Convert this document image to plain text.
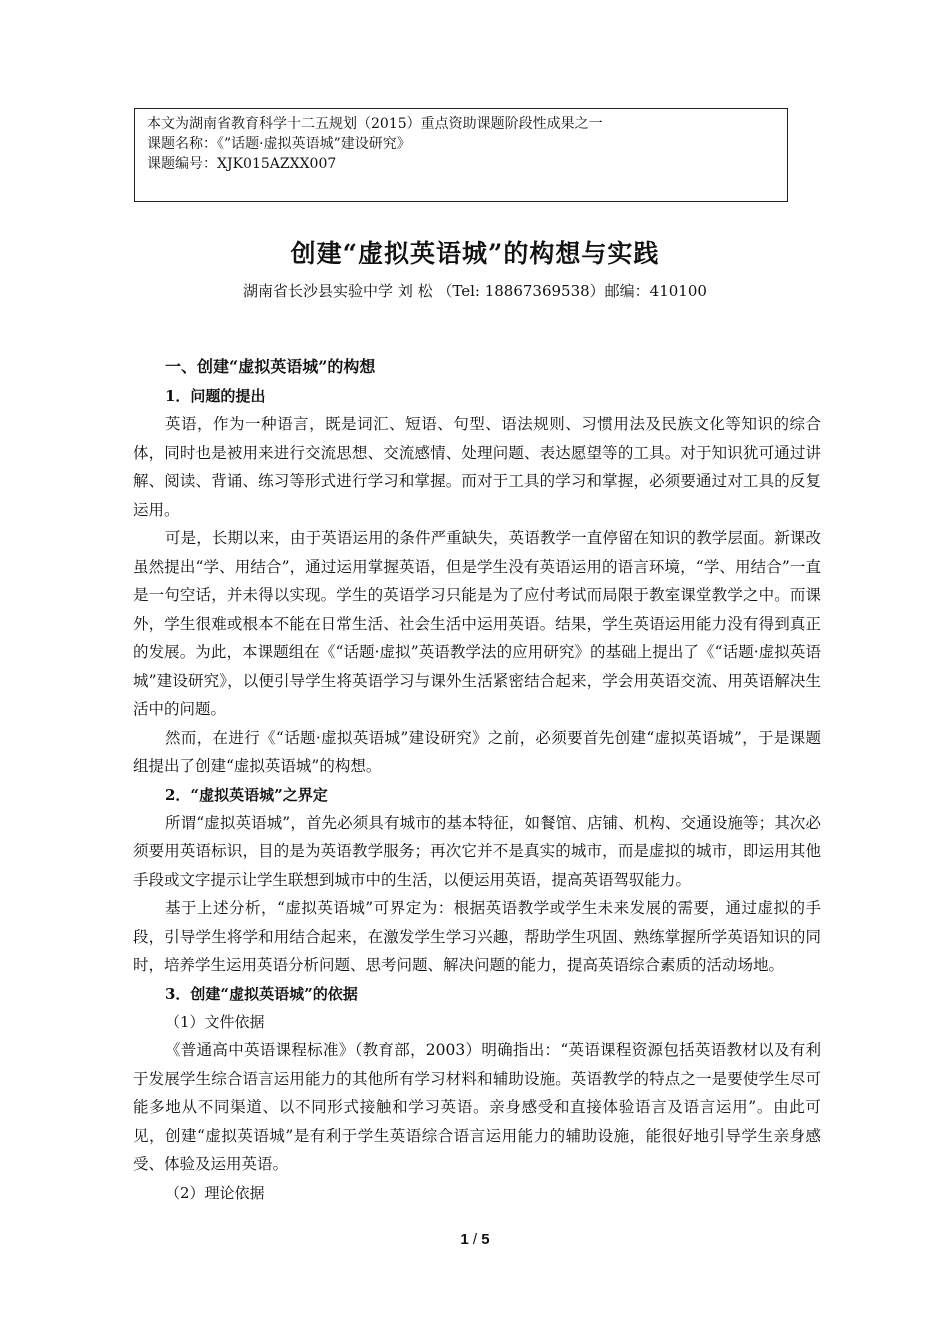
本文为湖南省教育科学十二五规划（2015）重点资助课题阶段性成果之一
课题名称：《”话题·虚拟英语城”建设研究》
课题编号：XJK015AZXX007
创建“虚拟英语城”的构想与实践
湖南省长沙县实验中学 刘 松 （Tel: 18867369538）邮编：410100
一、创建“虚拟英语城”的构想
1．问题的提出

英语，作为一种语言，既是词汇、短语、句型、语法规则、习惯用法及民族文化等知识的综合体，同时也是被用来进行交流思想、交流感情、处理问题、表达愿望等的工具。对于知识犹可通过讲解、阅读、背诵、练习等形式进行学习和掌握。而对于工具的学习和掌握，必须要通过对工具的反复运用。

可是，长期以来，由于英语运用的条件严重缺失，英语教学一直停留在知识的教学层面。新课改虽然提出“学、用结合”，通过运用掌握英语，但是学生没有英语运用的语言环境，“学、用结合”一直是一句空话，并未得以实现。学生的英语学习只能是为了应付考试而局限于教室课堂教学之中。而课外，学生很难或根本不能在日常生活、社会生活中运用英语。结果，学生英语运用能力没有得到真正的发展。为此，本课题组在《“话题·虚拟”英语教学法的应用研究》的基础上提出了《“话题·虚拟英语城”建设研究》，以便引导学生将英语学习与课外生活紧密结合起来，学会用英语交流、用英语解决生活中的问题。

然而，在进行《“话题·虚拟英语城”建设研究》之前，必须要首先创建“虚拟英语城”，于是课题组提出了创建“虚拟英语城”的构想。

2．“虚拟英语城”之界定

所谓“虚拟英语城”，首先必须具有城市的基本特征，如餐馆、店铺、机构、交通设施等；其次必须要用英语标识，目的是为英语教学服务；再次它并不是真实的城市，而是虚拟的城市，即运用其他手段或文字提示让学生联想到城市中的生活，以便运用英语，提高英语驾驭能力。

基于上述分析，“虚拟英语城”可界定为：根据英语教学或学生未来发展的需要，通过虚拟的手段，引导学生将学和用结合起来，在激发学生学习兴趣，帮助学生巩固、熟练掌握所学英语知识的同时，培养学生运用英语分析问题、思考问题、解决问题的能力，提高英语综合素质的活动场地。

3．创建“虚拟英语城”的依据
（1）文件依据

《普通高中英语课程标准》（教育部，2003）明确指出：“英语课程资源包括英语教材以及有利于发展学生综合语言运用能力的其他所有学习材料和辅助设施。英语教学的特点之一是要使学生尽可能多地从不同渠道、以不同形式接触和学习英语。亲身感受和直接体验语言及语言运用”。由此可见，创建“虚拟英语城”是有利于学生英语综合语言运用能力的辅助设施，能很好地引导学生亲身感受、体验及运用英语。

（2）理论依据
1 / 5
